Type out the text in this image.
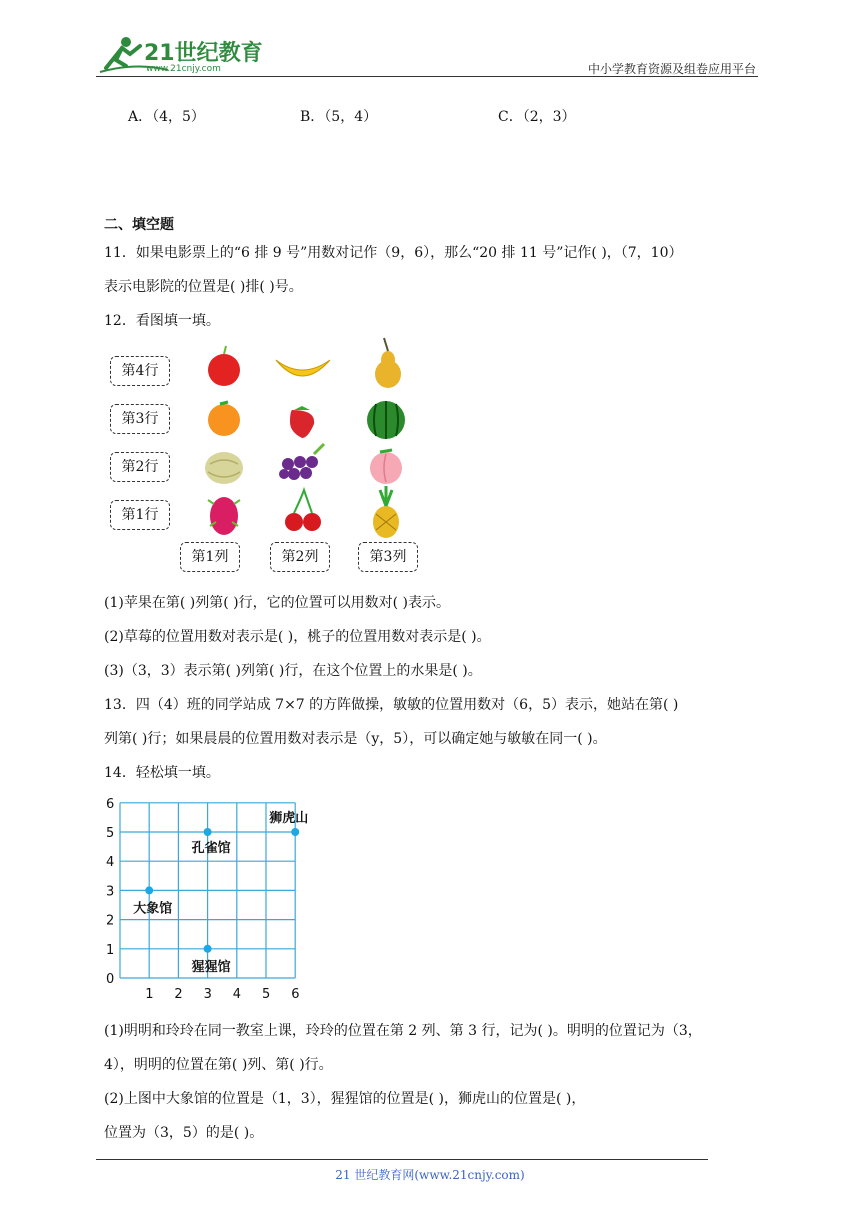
21世纪教育
www.21cnjy.com	中小学教育资源及组卷应用平台
A．（4，5）	B．（5，4）	C．（2，3）
二、填空题
11．如果电影票上的“6 排 9 号”用数对记作（9，6），那么“20 排 11 号”记作( )，（7，10）
表示电影院的位置是( )排( )号。
12．看图填一填。
第4行
第3行
第2行
第1行
第1列	第2列	第3列
(1)苹果在第( )列第( )行，它的位置可以用数对( )表示。
(2)草莓的位置用数对表示是( )，桃子的位置用数对表示是( )。
(3)（3，3）表示第( )列第( )行，在这个位置上的水果是( )。
13．四（4）班的同学站成 7×7 的方阵做操，敏敏的位置用数对（6，5）表示，她站在第( )
列第( )行；如果晨晨的位置用数对表示是（y，5），可以确定她与敏敏在同一( )。
14．轻松填一填。
6
5
4
3
2
1
0
1 2 3 4 5 6
狮虎山
孔雀馆
大象馆
猩猩馆
(1)明明和玲玲在同一教室上课，玲玲的位置在第 2 列、第 3 行，记为( )。明明的位置记为（3，
4），明明的位置在第( )列、第( )行。
(2)上图中大象馆的位置是（1，3），猩猩馆的位置是( )，狮虎山的位置是( )，
位置为（3，5）的是( )。
21 世纪教育网(www.21cnjy.com)
